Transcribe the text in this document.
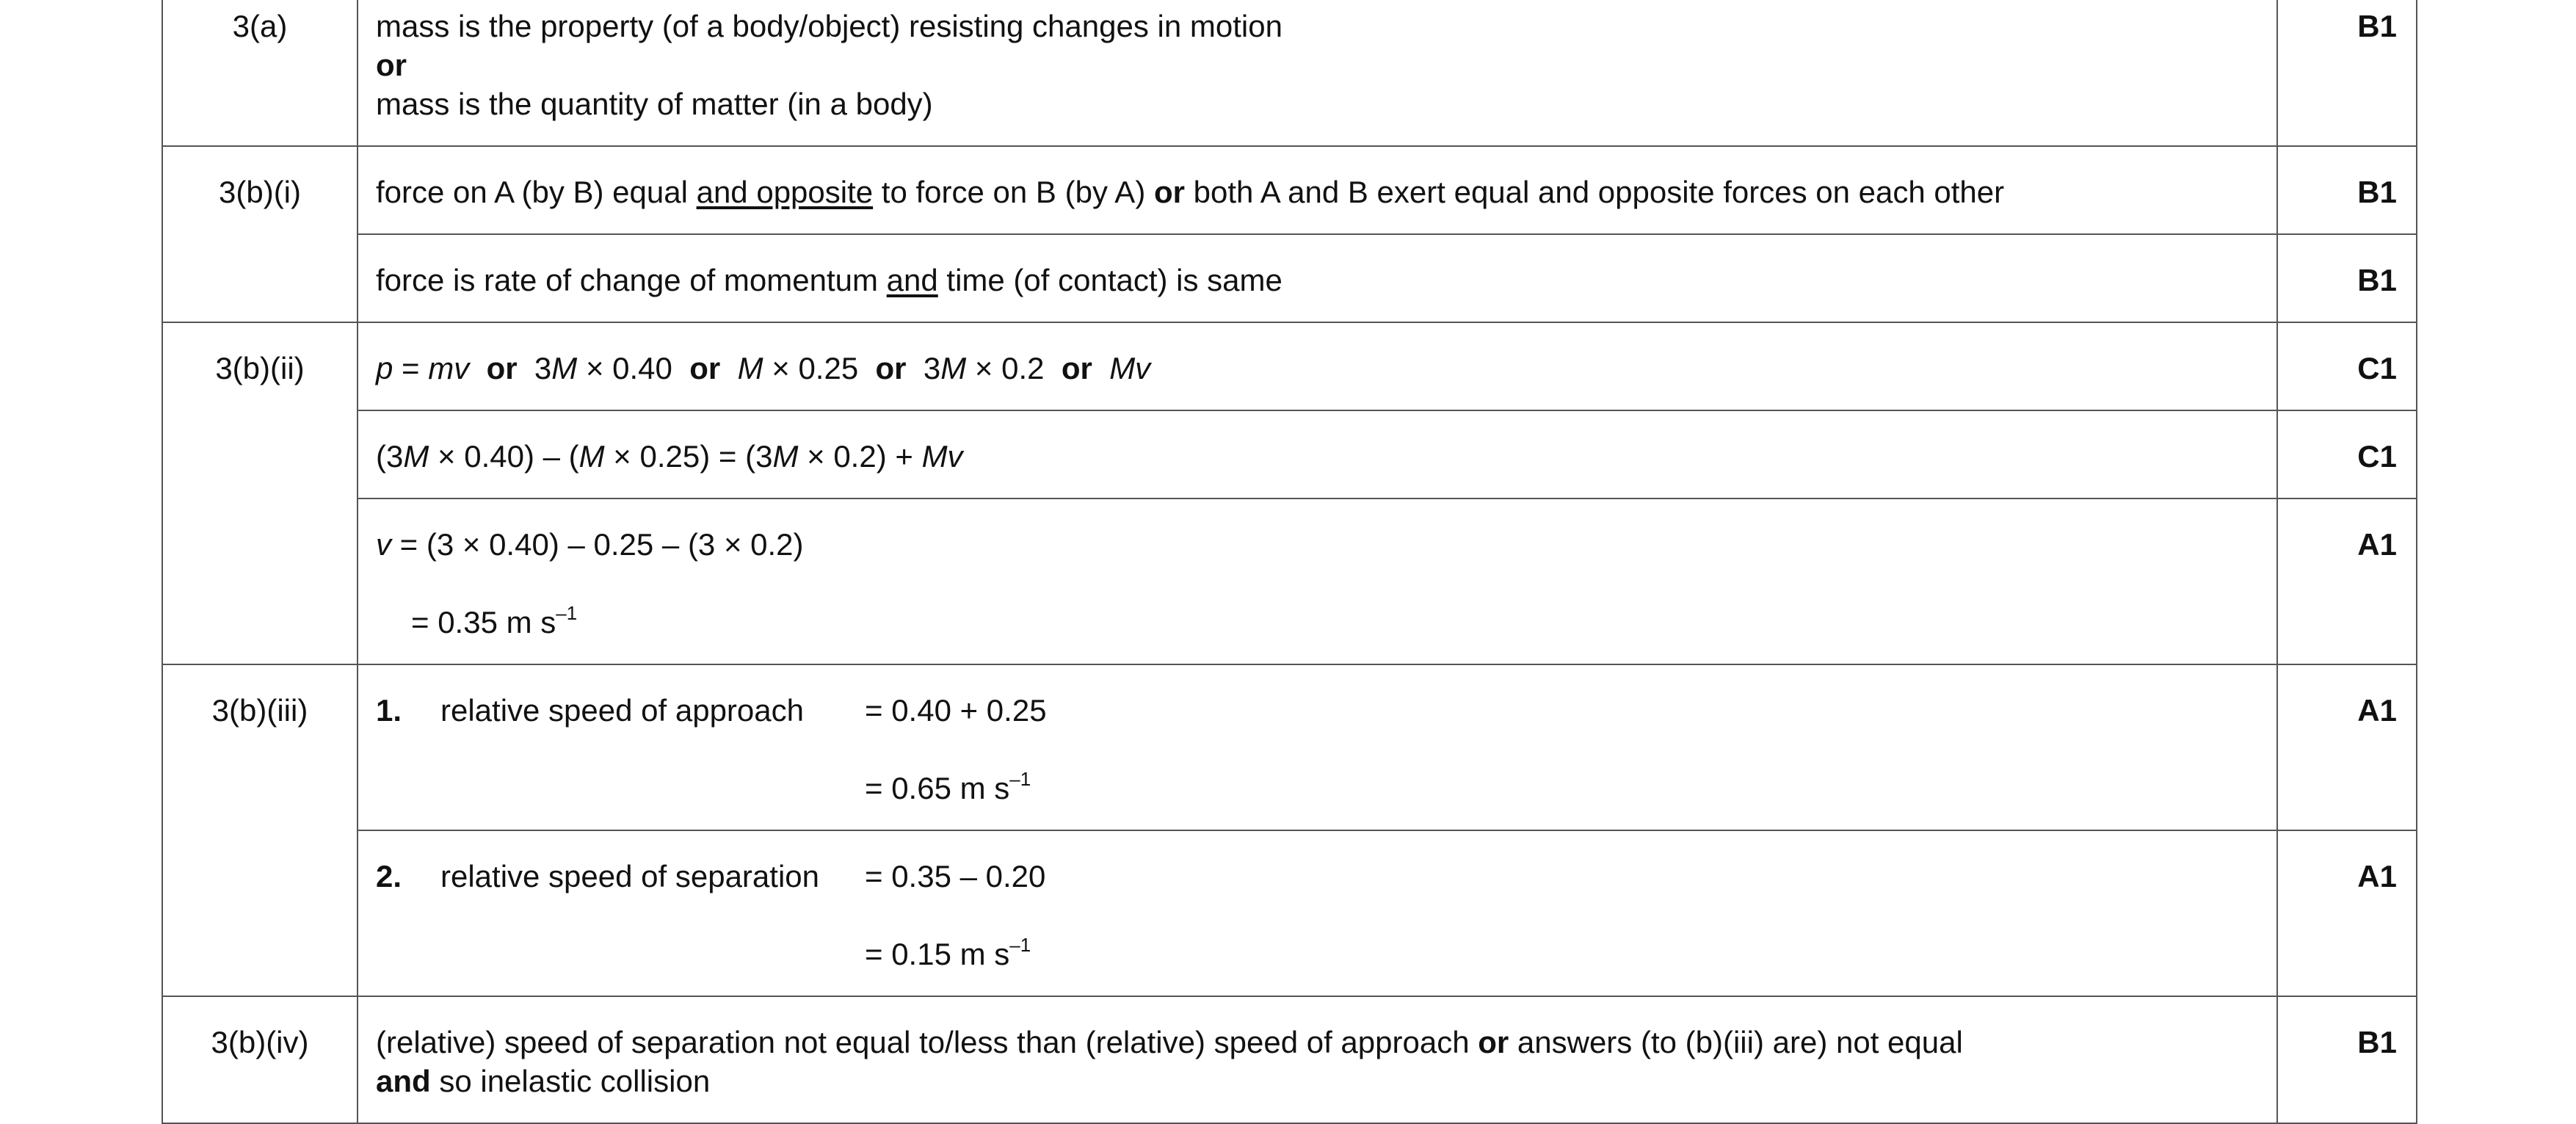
3(a)	mass is the property (of a body/object) resisting changes in motion
or
mass is the quantity of matter (in a body)	B1
3(b)(i)	force on A (by B) equal and opposite to force on B (by A) or both A and B exert equal and opposite forces on each other	B1

	force is rate of change of momentum and time (of contact) is same	B1
3(b)(ii)	p = mv or 3M × 0.40 or M × 0.25 or 3M × 0.2 or Mv	C1

	(3M × 0.40) – (M × 0.25) = (3M × 0.2) + Mv	C1

	v = (3 × 0.40) – 0.25 – (3 × 0.2)
= 0.35 m $s^{-1}$	A1
3(b)(iii)	1. relative speed of approach = 0.40 + 0.25
= 0.65 m $s^{-1}$	A1

	2. relative speed of separation = 0.35 – 0.20
= 0.15 m $s^{-1}$	A1
3(b)(iv)	(relative) speed of separation not equal to/less than (relative) speed of approach or answers (to (b)(iii) are) not equal
and so inelastic collision	B1
